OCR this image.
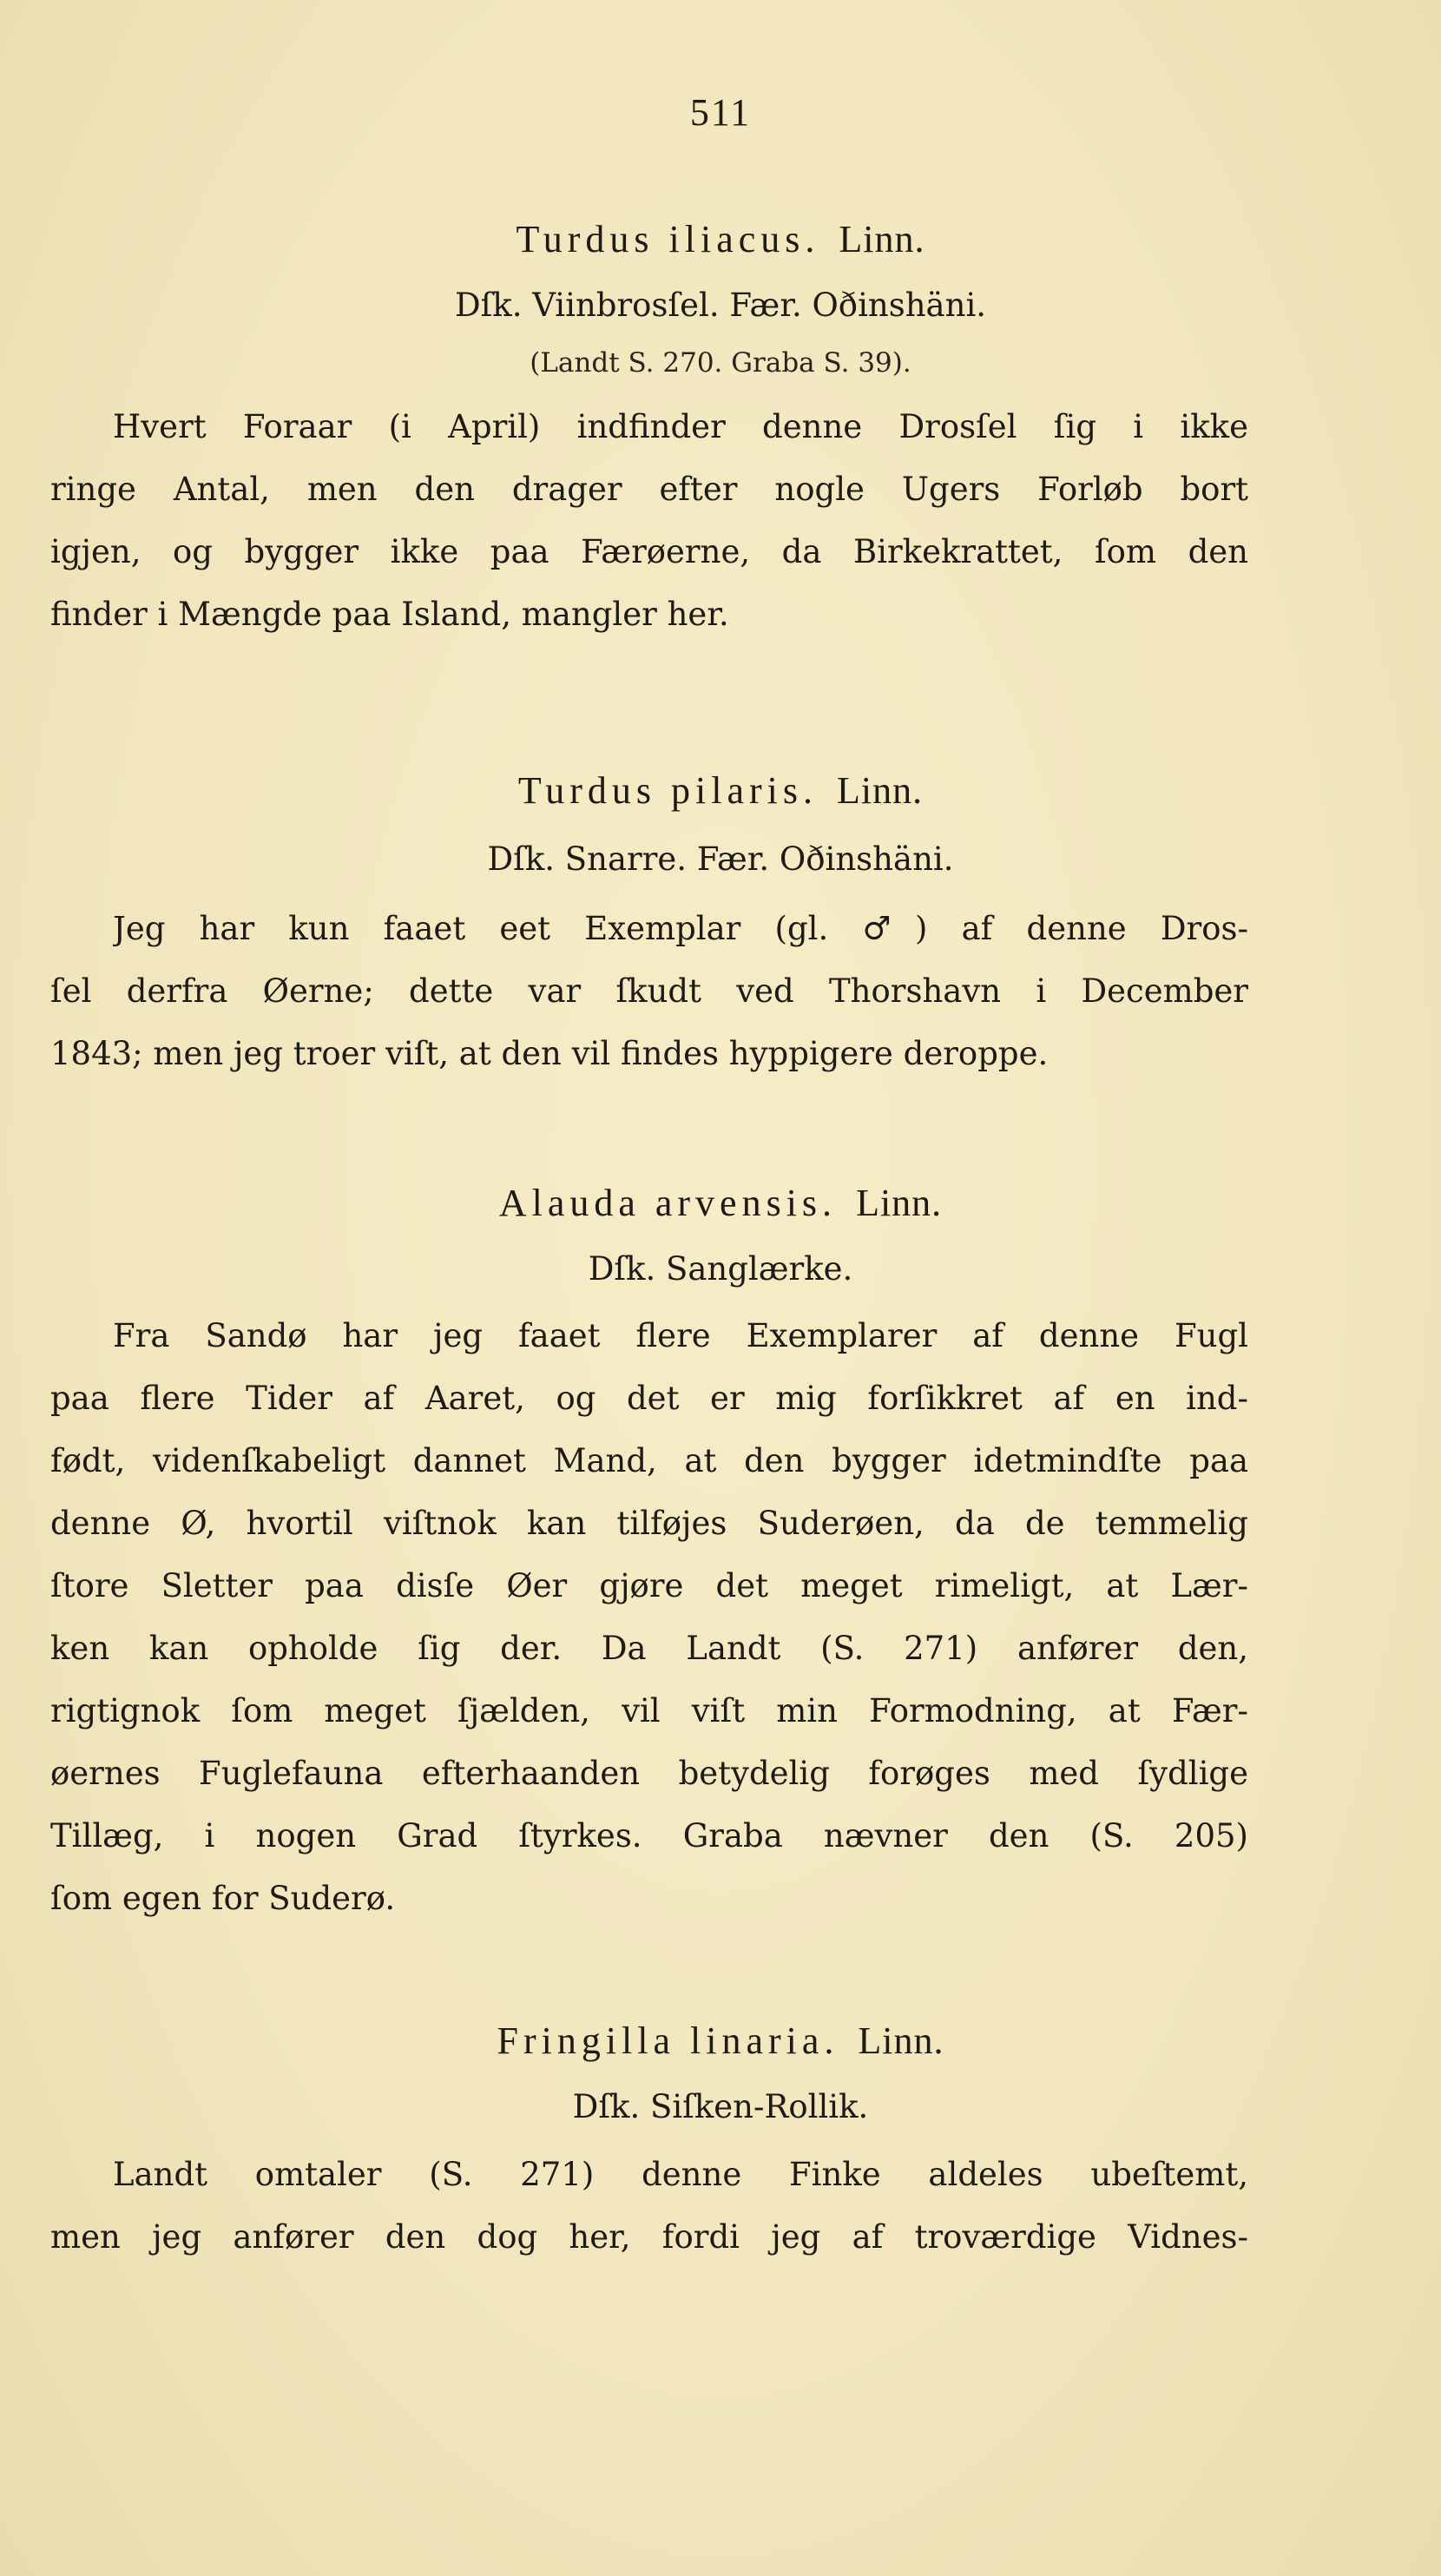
511
Turdus iliacus. Linn.
Dſk. Viinbrosſel. Fær. Oðinshäni.
(Landt S. 270. Graba S. 39).
Hvert Foraar (i April) indfinder denne Drosſel ſig i ikke
ringe Antal, men den drager efter nogle Ugers Forløb bort
igjen, og bygger ikke paa Færøerne, da Birkekrattet, ſom den
finder i Mængde paa Island, mangler her.
Turdus pilaris. Linn.
Dſk. Snarre. Fær. Oðinshäni.
Jeg har kun faaet eet Exemplar (gl. ♂) af denne Dros-
ſel derfra Øerne; dette var ſkudt ved Thorshavn i December
1843; men jeg troer viſt, at den vil findes hyppigere deroppe.
Alauda arvensis. Linn.
Dſk. Sanglærke.
Fra Sandø har jeg faaet flere Exemplarer af denne Fugl
paa flere Tider af Aaret, og det er mig forſikkret af en ind-
født, videnſkabeligt dannet Mand, at den bygger idetmindſte paa
denne Ø, hvortil viſtnok kan tilføjes Suderøen, da de temmelig
ſtore Sletter paa disſe Øer gjøre det meget rimeligt, at Lær-
ken kan opholde ſig der. Da Landt (S. 271) anfører den,
rigtignok ſom meget ſjælden, vil viſt min Formodning, at Fær-
øernes Fuglefauna efterhaanden betydelig forøges med ſydlige
Tillæg, i nogen Grad ſtyrkes. Graba nævner den (S. 205)
ſom egen for Suderø.
Fringilla linaria. Linn.
Dſk. Siſken-Rollik.
Landt omtaler (S. 271) denne Finke aldeles ubeſtemt,
men jeg anfører den dog her, fordi jeg af troværdige Vidnes-
